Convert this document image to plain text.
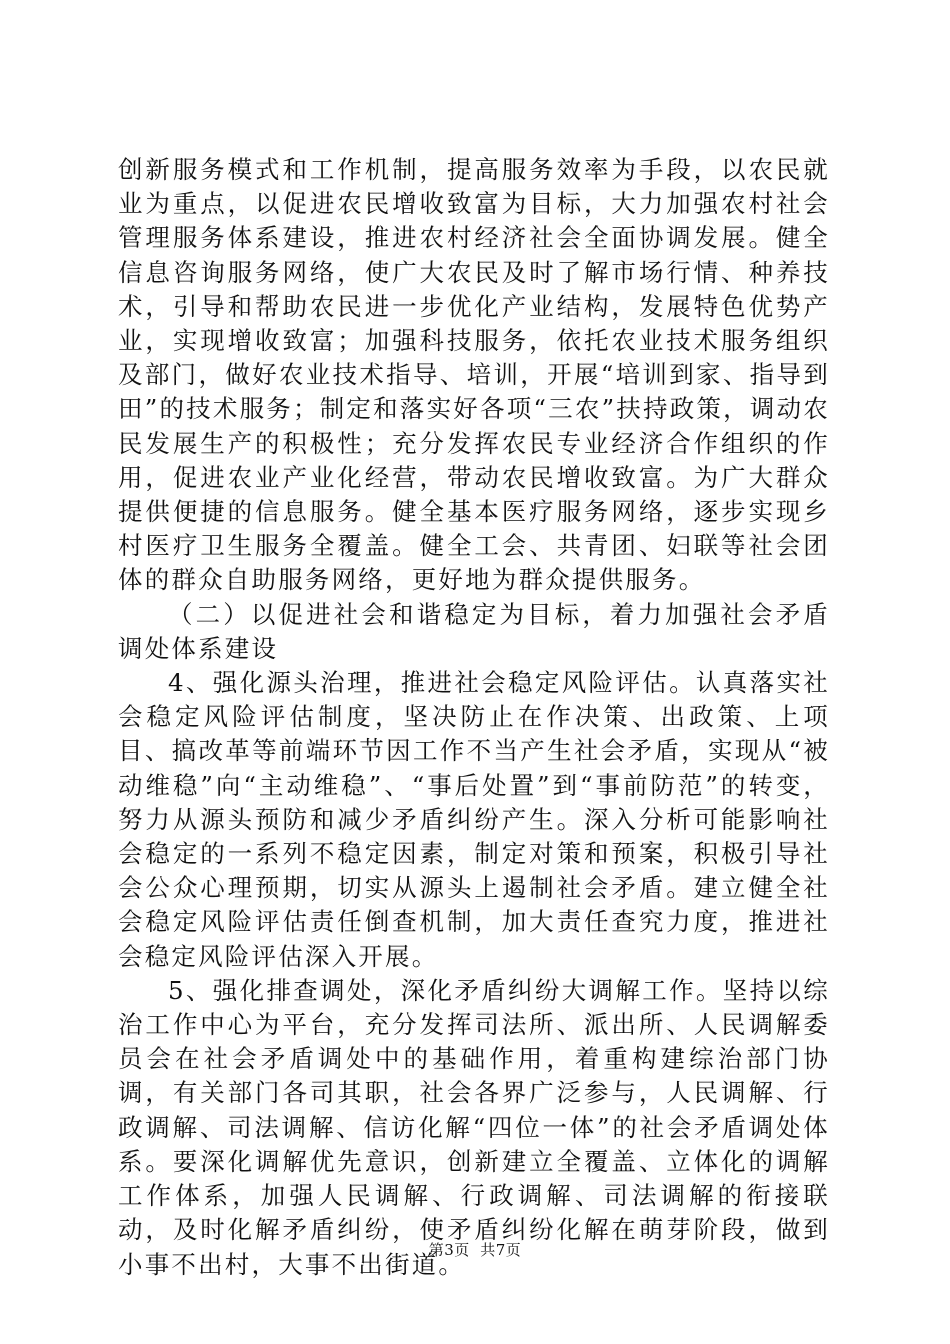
创新服务模式和工作机制，提高服务效率为手段，以农民就业为重点，以促进农民增收致富为目标，大力加强农村社会管理服务体系建设，推进农村经济社会全面协调发展。健全信息咨询服务网络，使广大农民及时了解市场行情、种养技术，引导和帮助农民进一步优化产业结构，发展特色优势产业，实现增收致富；加强科技服务，依托农业技术服务组织及部门，做好农业技术指导、培训，开展“培训到家、指导到田”的技术服务；制定和落实好各项“三农”扶持政策，调动农民发展生产的积极性；充分发挥农民专业经济合作组织的作用，促进农业产业化经营，带动农民增收致富。为广大群众提供便捷的信息服务。健全基本医疗服务网络，逐步实现乡村医疗卫生服务全覆盖。健全工会、共青团、妇联等社会团体的群众自助服务网络，更好地为群众提供服务。

（二）以促进社会和谐稳定为目标，着力加强社会矛盾调处体系建设

4、强化源头治理，推进社会稳定风险评估。认真落实社会稳定风险评估制度，坚决防止在作决策、出政策、上项目、搞改革等前端环节因工作不当产生社会矛盾，实现从“被动维稳”向“主动维稳”、“事后处置”到“事前防范”的转变，努力从源头预防和减少矛盾纠纷产生。深入分析可能影响社会稳定的一系列不稳定因素，制定对策和预案，积极引导社会公众心理预期，切实从源头上遏制社会矛盾。建立健全社会稳定风险评估责任倒查机制，加大责任查究力度，推进社会稳定风险评估深入开展。

5、强化排查调处，深化矛盾纠纷大调解工作。坚持以综治工作中心为平台，充分发挥司法所、派出所、人民调解委员会在社会矛盾调处中的基础作用，着重构建综治部门协调，有关部门各司其职，社会各界广泛参与，人民调解、行政调解、司法调解、信访化解“四位一体”的社会矛盾调处体系。要深化调解优先意识，创新建立全覆盖、立体化的调解工作体系，加强人民调解、行政调解、司法调解的衔接联动，及时化解矛盾纠纷，使矛盾纠纷化解在萌芽阶段，做到小事不出村，大事不出街道。

第3页  共7页
